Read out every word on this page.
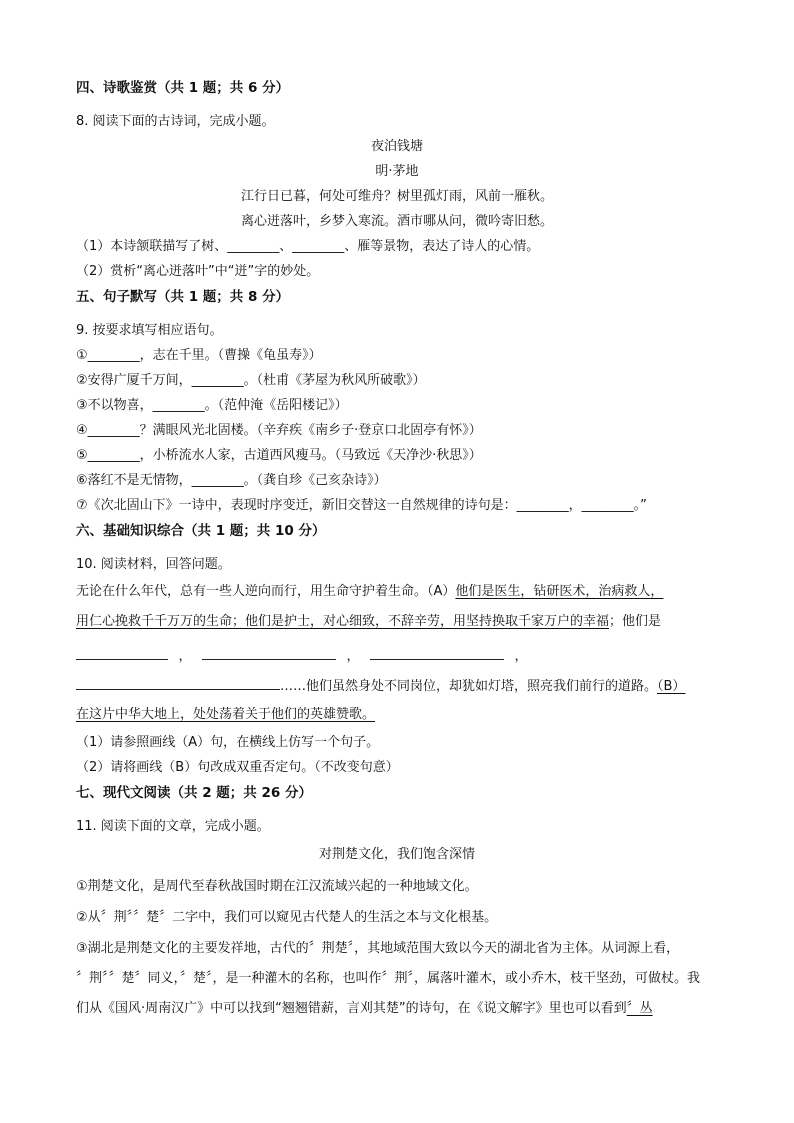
四、诗歌鉴赏（共 1 题；共 6 分）
8. 阅读下面的古诗词，完成小题。
夜泊钱塘
明·茅地
江行日已暮，何处可维舟？树里孤灯雨，风前一雁秋。
离心迸落叶，乡梦入寒流。酒市哪从问，微吟寄旧愁。
（1）本诗颔联描写了树、________、________、雁等景物，表达了诗人的心情。
（2）赏析“离心迸落叶”中“迸”字的妙处。
五、句子默写（共 1 题；共 8 分）
9. 按要求填写相应语句。
①________，志在千里。（曹操《龟虽寿》）
②安得广厦千万间，________。（杜甫《茅屋为秋风所破歌》）
③不以物喜，________。（范仲淹《岳阳楼记》）
④________？满眼风光北固楼。（辛弃疾《南乡子·登京口北固亭有怀》）
⑤________，小桥流水人家，古道西风瘦马。（马致远《天净沙·秋思》）
⑥落红不是无情物，________。（龚自珍《己亥杂诗》）
⑦《次北固山下》一诗中，表现时序变迁，新旧交替这一自然规律的诗句是：________，________。”
六、基础知识综合（共 1 题；共 10 分）
10. 阅读材料，回答问题。
无论在什么年代，总有一些人逆向而行，用生命守护着生命。（A）他们是医生，钻研医术，治病救人，
用仁心挽救千千万万的生命；他们是护士，对心细致，不辞辛劳，用坚持换取千家万户的幸福；他们是
，	，	，
……他们虽然身处不同岗位，却犹如灯塔，照亮我们前行的道路。（B）
在这片中华大地上，处处荡着关于他们的英雄赞歌。
（1）请参照画线（A）句，在横线上仿写一个句子。
（2）请将画线（B）句改成双重否定句。（不改变句意）
七、现代文阅读（共 2 题；共 26 分）
11. 阅读下面的文章，完成小题。
对荆楚文化，我们饱含深情
①荆楚文化，是周代至春秋战国时期在江汉流域兴起的一种地域文化。
②从〞荆〞〞楚〞二字中，我们可以窥见古代楚人的生活之本与文化根基。
③湖北是荆楚文化的主要发祥地，古代的〞荆楚〞，其地域范围大致以今天的湖北省为主体。从词源上看，
〞荆〞〞楚〞同义，〞楚〞，是一种灌木的名称，也叫作〞荆〞，属落叶灌木，或小乔木，枝干坚劲，可做杖。我
们从《国风·周南汉广》中可以找到“翘翘错薪，言刈其楚”的诗句，在《说文解字》里也可以看到〞丛
